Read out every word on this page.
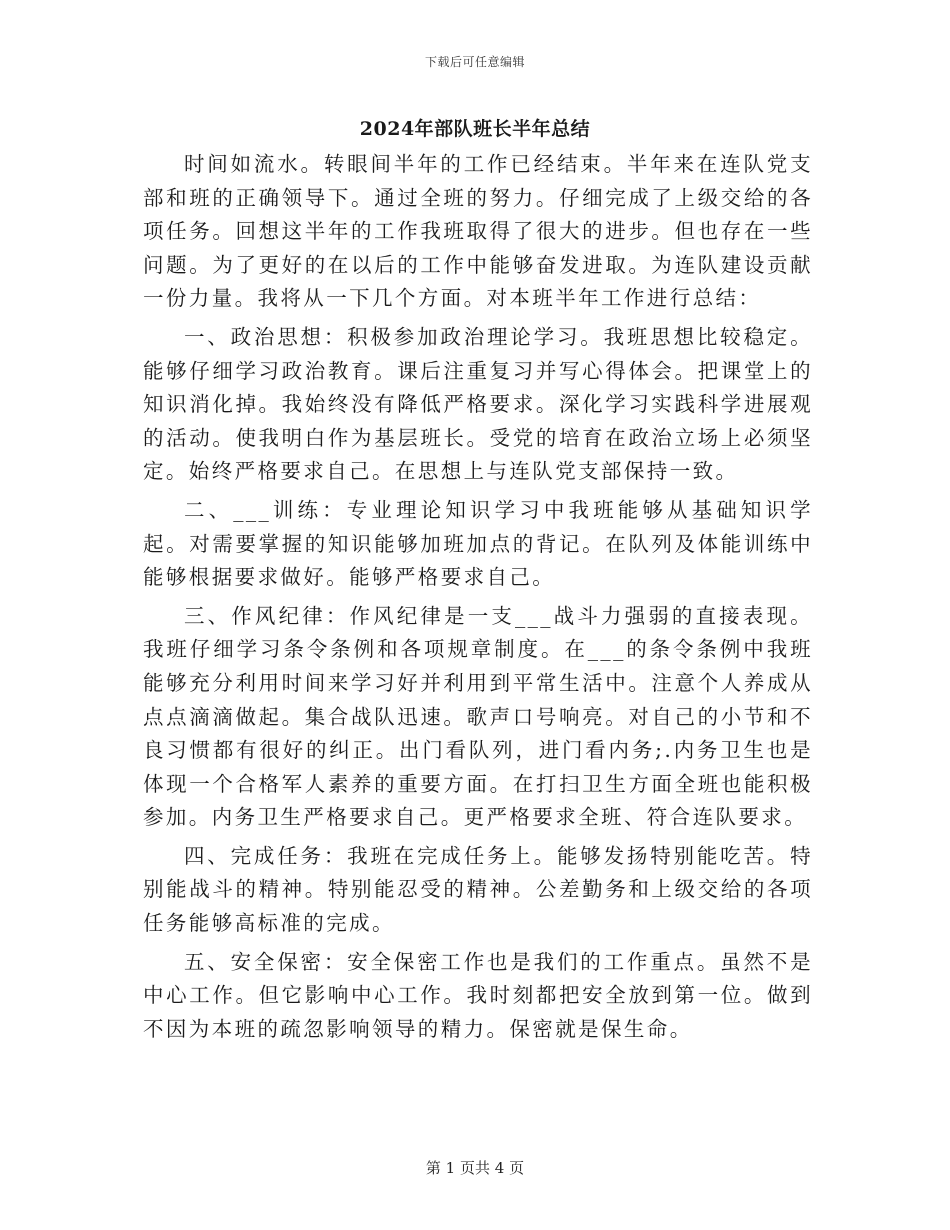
下载后可任意编辑
2024年部队班长半年总结

时间如流水。转眼间半年的工作已经结束。半年来在连队党支部和班的正确领导下。通过全班的努力。仔细完成了上级交给的各项任务。回想这半年的工作我班取得了很大的进步。但也存在一些问题。为了更好的在以后的工作中能够奋发进取。为连队建设贡献一份力量。我将从一下几个方面。对本班半年工作进行总结：

一、政治思想：积极参加政治理论学习。我班思想比较稳定。能够仔细学习政治教育。课后注重复习并写心得体会。把课堂上的知识消化掉。我始终没有降低严格要求。深化学习实践科学进展观的活动。使我明白作为基层班长。受党的培育在政治立场上必须坚定。始终严格要求自己。在思想上与连队党支部保持一致。

二、___训练：专业理论知识学习中我班能够从基础知识学起。对需要掌握的知识能够加班加点的背记。在队列及体能训练中能够根据要求做好。能够严格要求自己。

三、作风纪律：作风纪律是一支___战斗力强弱的直接表现。我班仔细学习条令条例和各项规章制度。在___的条令条例中我班能够充分利用时间来学习好并利用到平常生活中。注意个人养成从点点滴滴做起。集合战队迅速。歌声口号响亮。对自己的小节和不良习惯都有很好的纠正。出门看队列，进门看内务;.内务卫生也是体现一个合格军人素养的重要方面。在打扫卫生方面全班也能积极参加。内务卫生严格要求自己。更严格要求全班、符合连队要求。

四、完成任务：我班在完成任务上。能够发扬特别能吃苦。特别能战斗的精神。特别能忍受的精神。公差勤务和上级交给的各项任务能够高标准的完成。

五、安全保密：安全保密工作也是我们的工作重点。虽然不是中心工作。但它影响中心工作。我时刻都把安全放到第一位。做到不因为本班的疏忽影响领导的精力。保密就是保生命。

第 1 页共 4 页
